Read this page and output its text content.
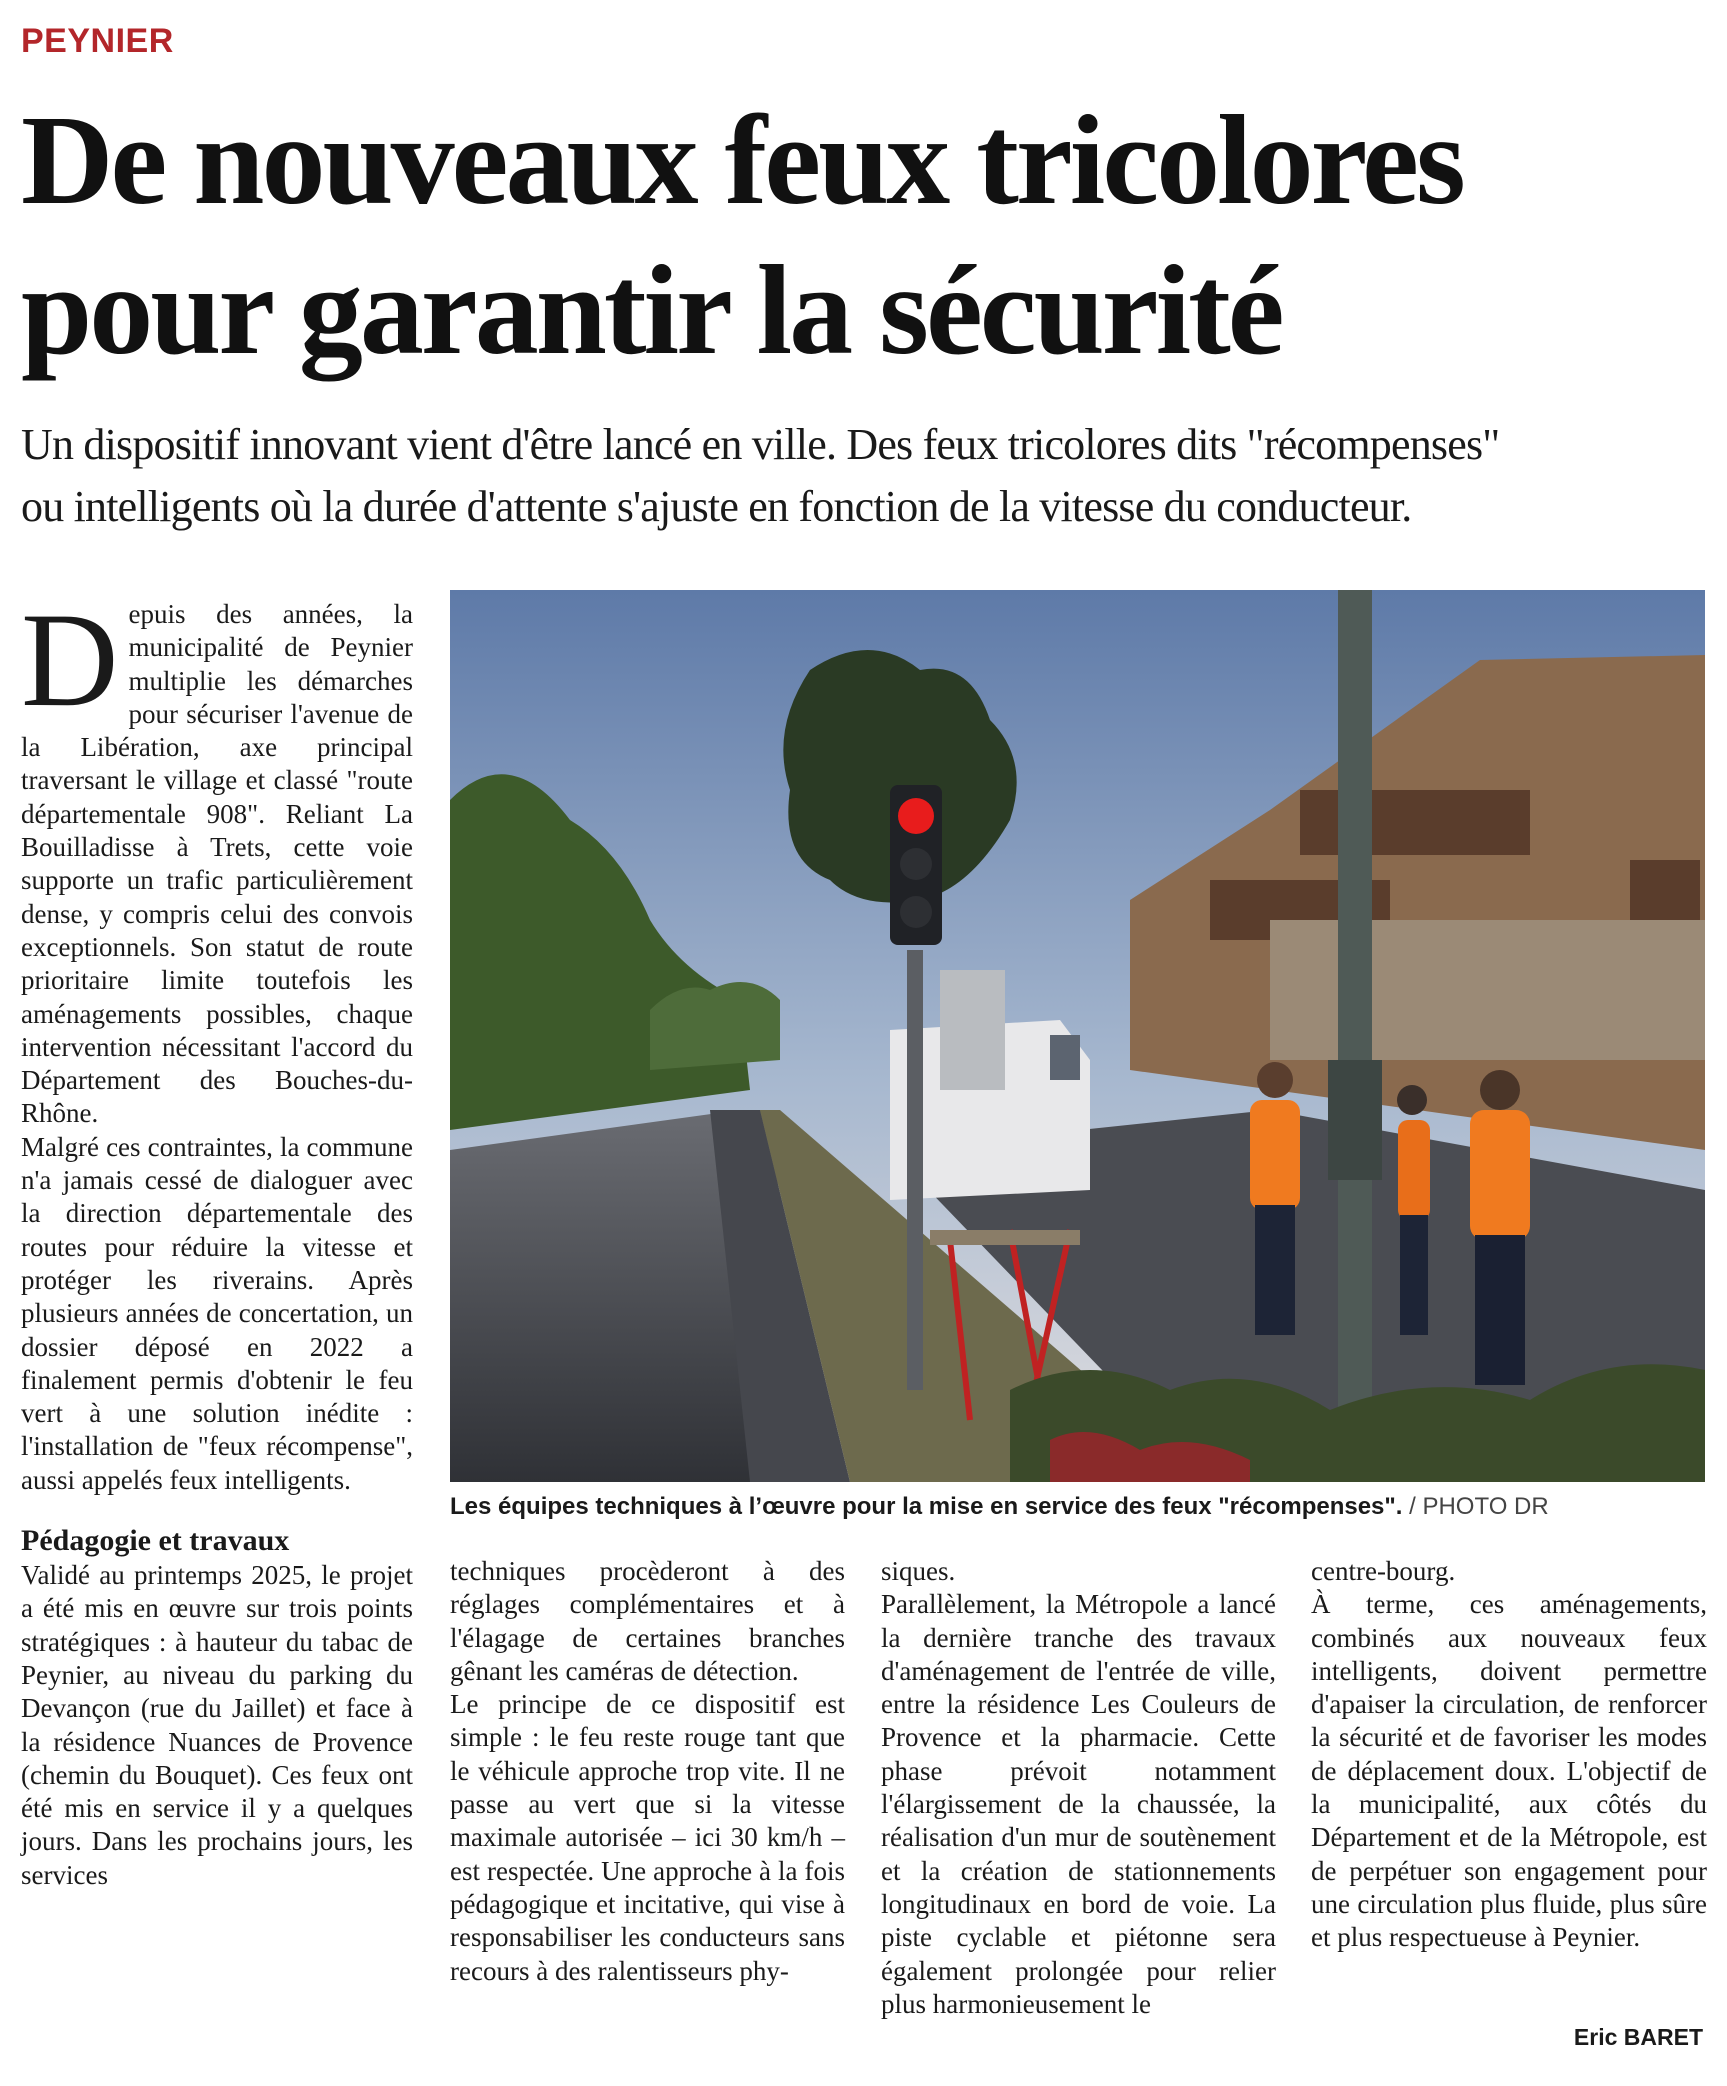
PEYNIER
De nouveaux feux tricolores
pour garantir la sécurité
Un dispositif innovant vient d'être lancé en ville. Des feux tricolores dits "récompenses"
ou intelligents où la durée d'attente s'ajuste en fonction de la vitesse du conducteur.

Depuis des années, la municipalité de Peynier multiplie les démarches pour sécuriser l'avenue de la Libération, axe principal traversant le village et classé "route départementale 908". Reliant La Bouilladisse à Trets, cette voie supporte un trafic particulièrement dense, y compris celui des convois exceptionnels. Son statut de route prioritaire limite toutefois les aménagements possibles, chaque intervention nécessitant l'accord du Département des Bouches-du-Rhône.

Malgré ces contraintes, la commune n'a jamais cessé de dialoguer avec la direction départementale des routes pour réduire la vitesse et protéger les riverains. Après plusieurs années de concertation, un dossier déposé en 2022 a finalement permis d'obtenir le feu vert à une solution inédite : l'installation de "feux récompense", aussi appelés feux intelligents.

Pédagogie et travaux

Validé au printemps 2025, le projet a été mis en œuvre sur trois points stratégiques : à hauteur du tabac de Peynier, au niveau du parking du Devançon (rue du Jaillet) et face à la résidence Nuances de Provence (chemin du Bouquet). Ces feux ont été mis en service il y a quelques jours. Dans les prochains jours, les services

Les équipes techniques à l’œuvre pour la mise en service des feux "récompenses". / PHOTO DR

techniques procèderont à des réglages complémentaires et à l'élagage de certaines branches gênant les caméras de détection.

Le principe de ce dispositif est simple : le feu reste rouge tant que le véhicule approche trop vite. Il ne passe au vert que si la vitesse maximale autorisée – ici 30 km/h – est respectée. Une approche à la fois pédagogique et incitative, qui vise à responsabiliser les conducteurs sans recours à des ralentisseurs phy-

siques.

Parallèlement, la Métropole a lancé la dernière tranche des travaux d'aménagement de l'entrée de ville, entre la résidence Les Couleurs de Provence et la pharmacie. Cette phase prévoit notamment l'élargissement de la chaussée, la réalisation d'un mur de soutènement et la création de stationnements longitudinaux en bord de voie. La piste cyclable et piétonne sera également prolongée pour relier plus harmonieusement le

centre-bourg.

À terme, ces aménagements, combinés aux nouveaux feux intelligents, doivent permettre d'apaiser la circulation, de renforcer la sécurité et de favoriser les modes de déplacement doux. L'objectif de la municipalité, aux côtés du Département et de la Métropole, est de perpétuer son engagement pour une circulation plus fluide, plus sûre et plus respectueuse à Peynier.

Eric BARET
